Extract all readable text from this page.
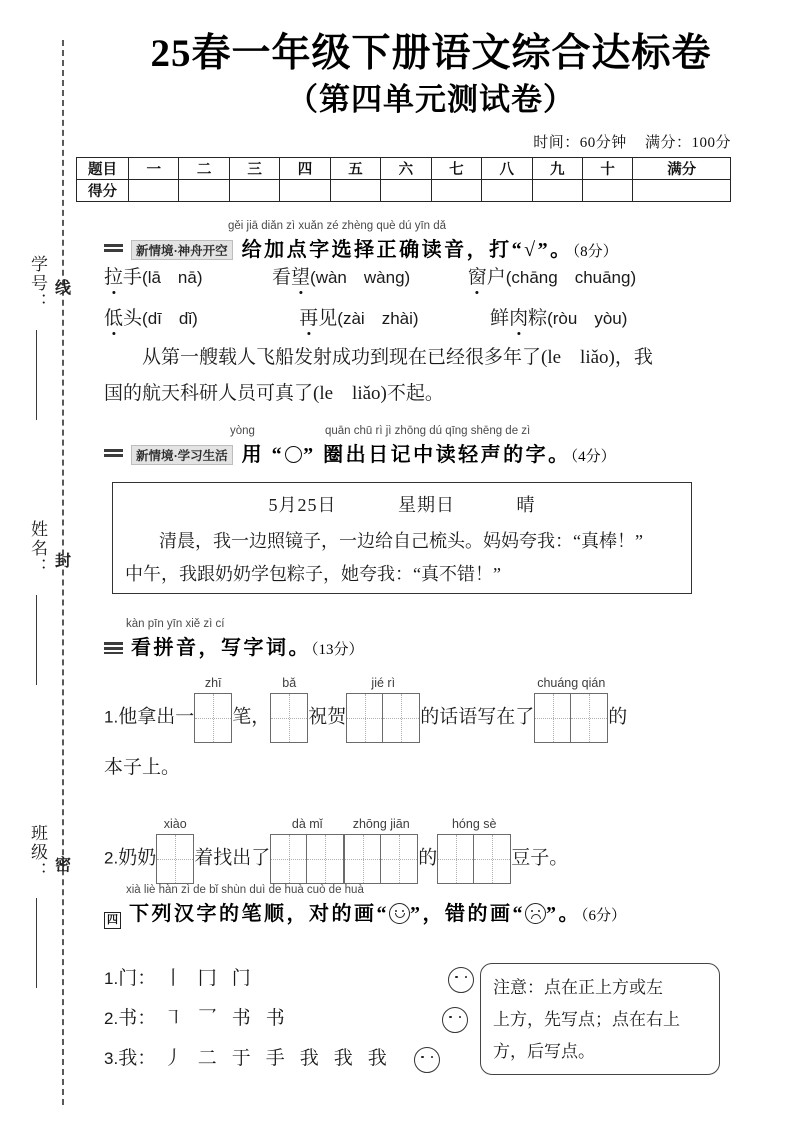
学号： 线
姓名： 封
班级： 密
25春一年级下册语文综合达标卷
（第四单元测试卷）
时间：60分钟 满分：100分
题目	一	二	三	四	五	六	七	八	九	十	满分
得分											
gěi jiā diǎn zì xuǎn zé zhèng què dú yīn dǎ
新情境·神舟开空 给加点字选择正确读音，打“√”。（8分）
拉手(lā　nā)	看望(wàn　wàng)	窗户(chāng　chuāng)
低头(dī　dǐ)	再见(zài　zhài)	鲜肉粽(ròu　yòu)
从第一艘载人飞船发射成功到现在已经很多年了(le　liǎo)，我
国的航天科研人员可真了(le　liǎo)不起。
yòng	quān chū rì jì zhōng dú qīng shēng de zì
新情境·学习生活 用 “○” 圈出日记中读轻声的字。（4分）
5月25日	星期日	晴
清晨，我一边照镜子，一边给自己梳头。妈妈夸我：“真棒！”
中午，我跟奶奶学包粽子，她夸我：“真不错！”
kàn pīn yīn xiě zì cí
看拼音，写字词。（13分）
1.他拿出一
zhī
笔，
bǎ
祝贺
jié rì
的话语写在了
chuáng qián
的
本子上。
2.奶奶
xiào
着找出了
dà mǐ	zhōng jiān
的
hóng sè
豆子。
xià liè hàn zì de bǐ shùn duì de huà cuò de huà
四 下列汉字的笔顺，对的画“ ”，错的画“ ”。（6分）
1.门： 丨 冂 门
2.书： ㇕ 乛 书 书
3.我： 丿 二 于 手 我 我 我
注意：点在正上方或左
上方，先写点；点在右上
方，后写点。
